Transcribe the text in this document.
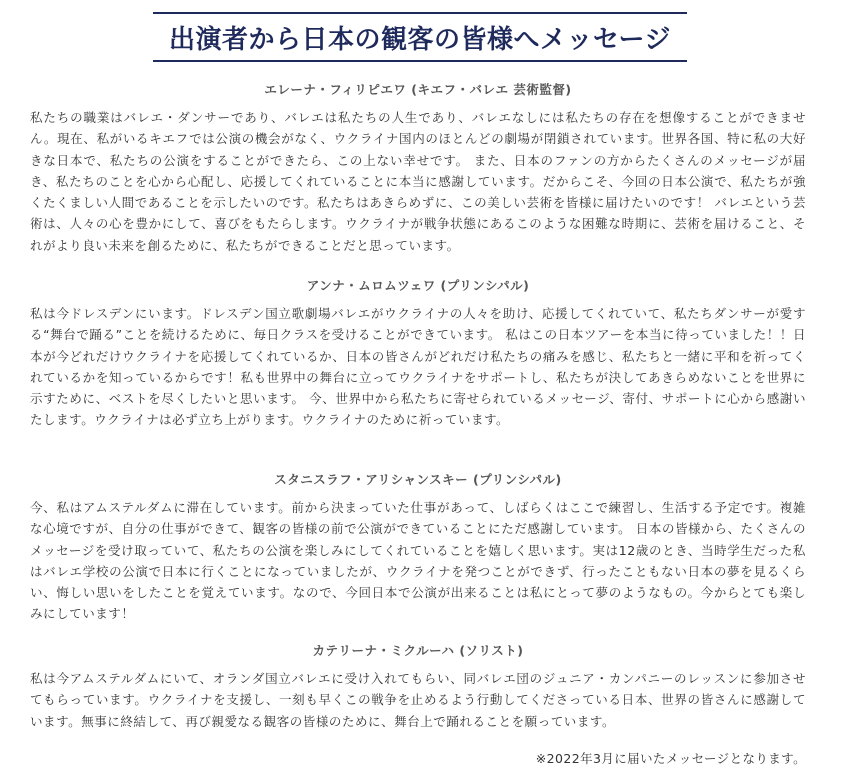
出演者から日本の観客の皆様へメッセージ
エレーナ・フィリピエワ (キエフ・バレエ 芸術監督)

私たちの職業はバレエ・ダンサーであり、バレエは私たちの人生であり、バレエなしには私たちの存在を想像することができません。現在、私がいるキエフでは公演の機会がなく、ウクライナ国内のほとんどの劇場が閉鎖されています。世界各国、特に私の大好きな日本で、私たちの公演をすることができたら、この上ない幸せです。 また、日本のファンの方からたくさんのメッセージが届き、私たちのことを心から心配し、応援してくれていることに本当に感謝しています。だからこそ、今回の日本公演で、私たちが強くたくましい人間であることを示したいのです。私たちはあきらめずに、この美しい芸術を皆様に届けたいのです！ バレエという芸術は、人々の心を豊かにして、喜びをもたらします。ウクライナが戦争状態にあるこのような困難な時期に、芸術を届けること、それがより良い未来を創るために、私たちができることだと思っています。

アンナ・ムロムツェワ (プリンシパル)

私は今ドレスデンにいます。ドレスデン国立歌劇場バレエがウクライナの人々を助け、応援してくれていて、私たちダンサーが愛する“舞台で踊る”ことを続けるために、毎日クラスを受けることができています。 私はこの日本ツアーを本当に待っていました！！日本が今どれだけウクライナを応援してくれているか、日本の皆さんがどれだけ私たちの痛みを感じ、私たちと一緒に平和を祈ってくれているかを知っているからです！私も世界中の舞台に立ってウクライナをサポートし、私たちが決してあきらめないことを世界に示すために、ベストを尽くしたいと思います。 今、世界中から私たちに寄せられているメッセージ、寄付、サポートに心から感謝いたします。ウクライナは必ず立ち上がります。ウクライナのために祈っています。

スタニスラフ・アリシャンスキー (プリンシパル)

今、私はアムステルダムに滞在しています。前から決まっていた仕事があって、しばらくはここで練習し、生活する予定です。複雑な心境ですが、自分の仕事ができて、観客の皆様の前で公演ができていることにただ感謝しています。 日本の皆様から、たくさんのメッセージを受け取っていて、私たちの公演を楽しみにしてくれていることを嬉しく思います。実は12歳のとき、当時学生だった私はバレエ学校の公演で日本に行くことになっていましたが、ウクライナを発つことができず、行ったこともない日本の夢を見るくらい、悔しい思いをしたことを覚えています。なので、今回日本で公演が出来ることは私にとって夢のようなもの。今からとても楽しみにしています！

カテリーナ・ミクルーハ (ソリスト)

私は今アムステルダムにいて、オランダ国立バレエに受け入れてもらい、同バレエ団のジュニア・カンパニーのレッスンに参加させてもらっています。ウクライナを支援し、一刻も早くこの戦争を止めるよう行動してくださっている日本、世界の皆さんに感謝しています。無事に終結して、再び親愛なる観客の皆様のために、舞台上で踊れることを願っています。

※2022年3月に届いたメッセージとなります。
